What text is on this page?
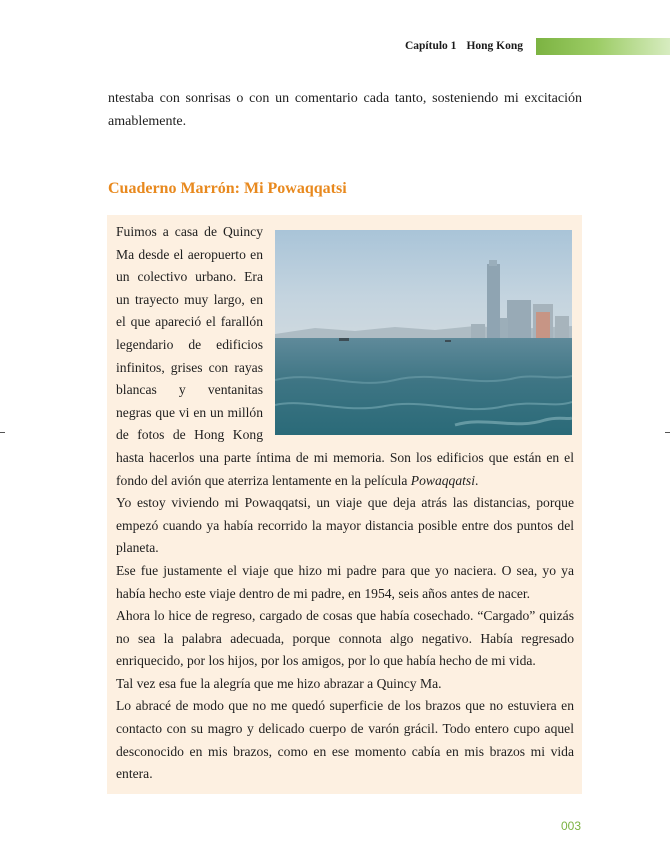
Capítulo 1 Hong Kong

ntestaba con sonrisas o con un comentario cada tanto, sosteniendo mi excitación amablemente.

Cuaderno Marrón: Mi Powaqqatsi

Fuimos a casa de Quincy Ma desde el aeropuerto en un colectivo urbano. Era un trayecto muy largo, en el que apareció el farallón legendario de edificios infinitos, grises con rayas blancas y ventanitas negras que vi en un millón de fotos de Hong Kong hasta hacerlos una parte íntima de mi memoria. Son los edificios que están en el fondo del avión que aterriza lentamente en la película Powaqqatsi.

Yo estoy viviendo mi Powaqqatsi, un viaje que deja atrás las distancias, porque empezó cuando ya había recorrido la mayor distancia posible entre dos puntos del planeta.

Ese fue justamente el viaje que hizo mi padre para que yo naciera. O sea, yo ya había hecho este viaje dentro de mi padre, en 1954, seis años antes de nacer.

Ahora lo hice de regreso, cargado de cosas que había cosechado. “Cargado” quizás no sea la palabra adecuada, porque connota algo negativo. Había regresado enriquecido, por los hijos, por los amigos, por lo que había hecho de mi vida.

Tal vez esa fue la alegría que me hizo abrazar a Quincy Ma.

Lo abracé de modo que no me quedó superficie de los brazos que no estuviera en contacto con su magro y delicado cuerpo de varón grácil. Todo entero cupo aquel desconocido en mis brazos, como en ese momento cabía en mis brazos mi vida entera.

003
